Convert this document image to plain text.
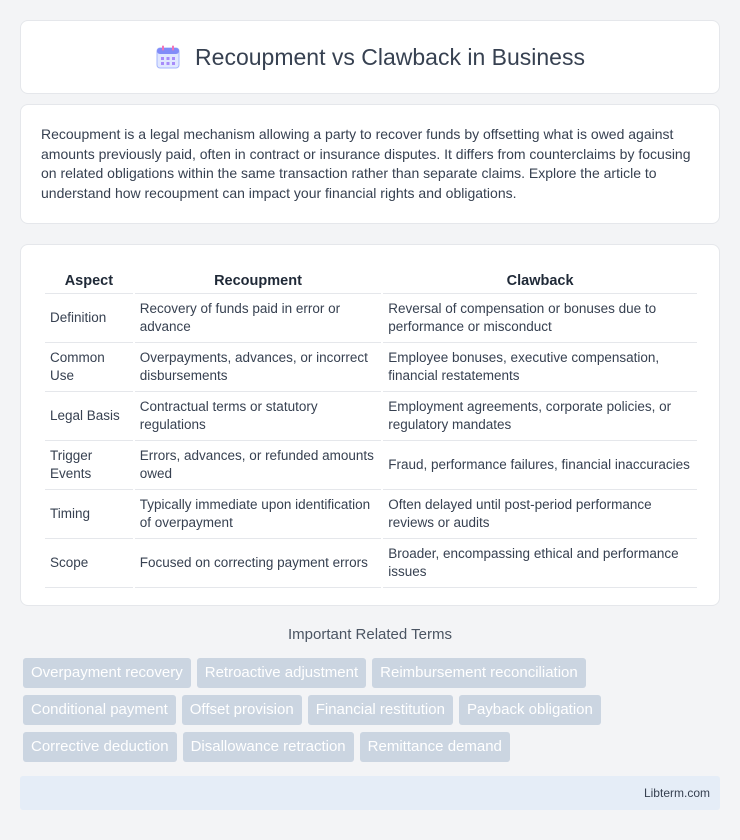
Recoupment vs Clawback in Business

Recoupment is a legal mechanism allowing a party to recover funds by offsetting what is owed against amounts previously paid, often in contract or insurance disputes. It differs from counterclaims by focusing on related obligations within the same transaction rather than separate claims. Explore the article to understand how recoupment can impact your financial rights and obligations.

Aspect	Recoupment	Clawback
Definition	Recovery of funds paid in error or advance	Reversal of compensation or bonuses due to performance or misconduct
Common Use	Overpayments, advances, or incorrect disbursements	Employee bonuses, executive compensation, financial restatements
Legal Basis	Contractual terms or statutory regulations	Employment agreements, corporate policies, or regulatory mandates
Trigger Events	Errors, advances, or refunded amounts owed	Fraud, performance failures, financial inaccuracies
Timing	Typically immediate upon identification of overpayment	Often delayed until post-period performance reviews or audits
Scope	Focused on correcting payment errors	Broader, encompassing ethical and performance issues
Important Related Terms
Overpayment recovery	Retroactive adjustment	Reimbursement reconciliation
Conditional payment	Offset provision	Financial restitution	Payback obligation
Corrective deduction	Disallowance retraction	Remittance demand
Libterm.com
